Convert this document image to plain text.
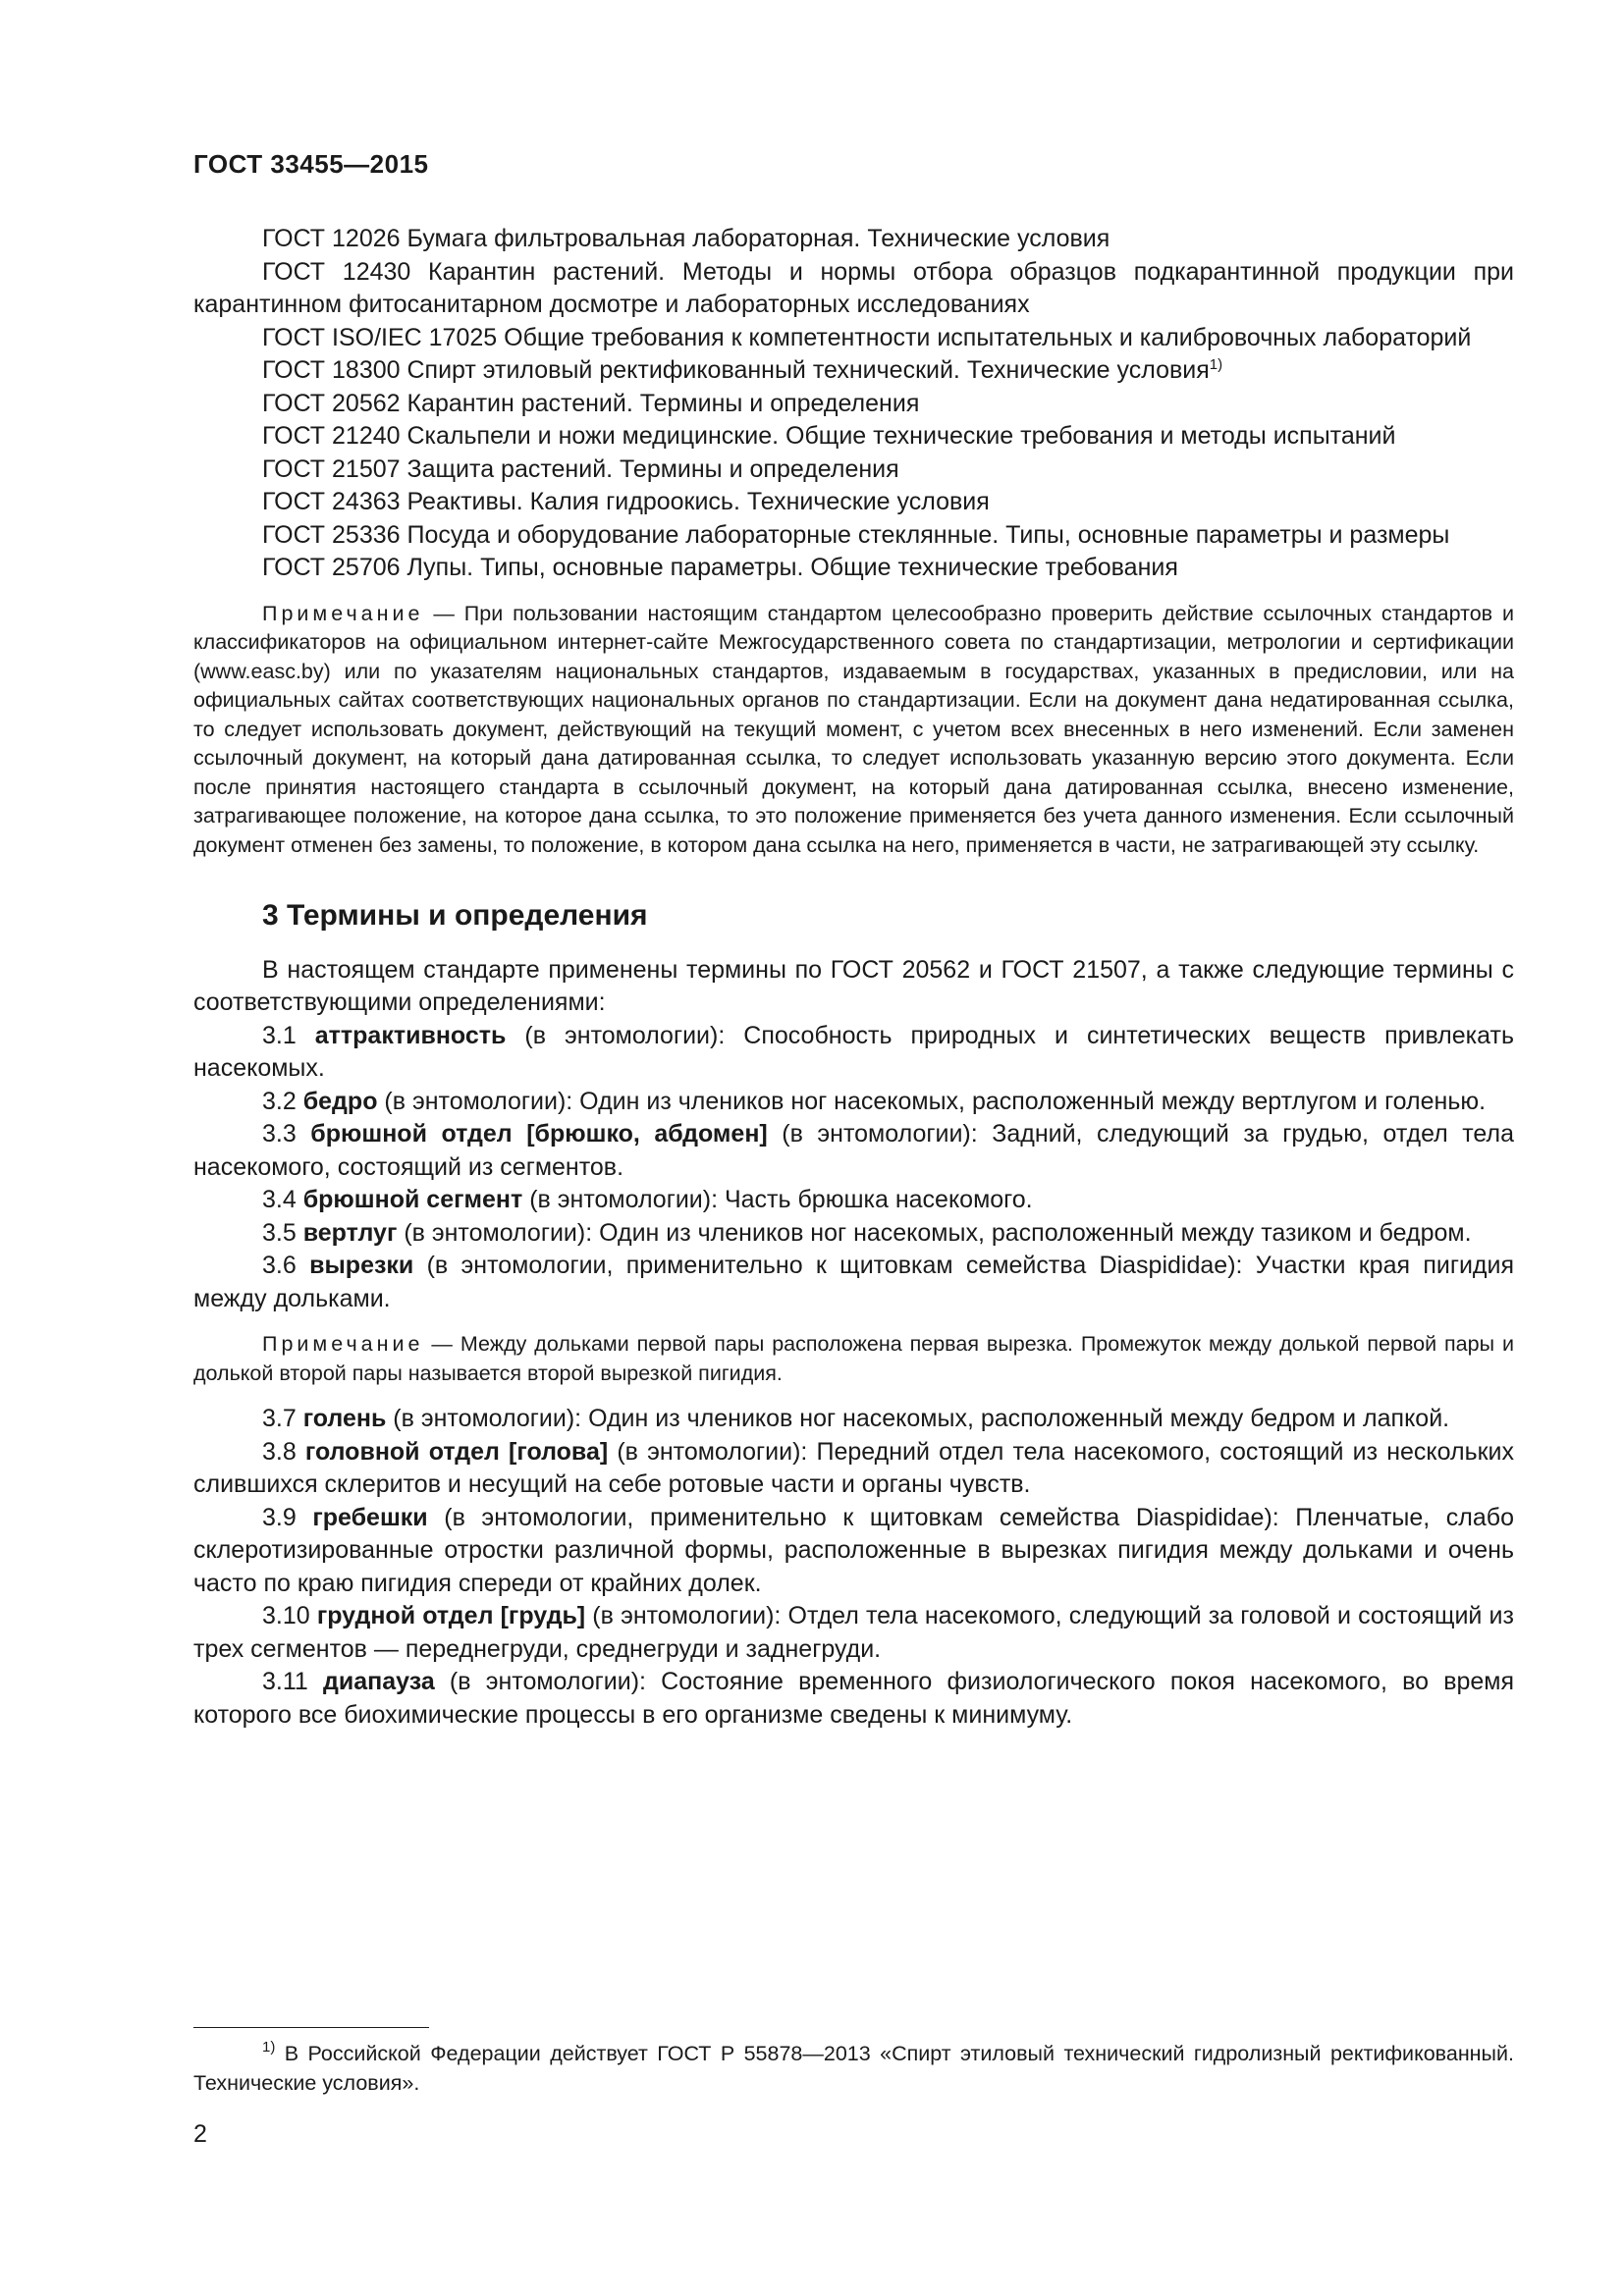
ГОСТ 33455—2015

ГОСТ 12026 Бумага фильтровальная лабораторная. Технические условия

ГОСТ 12430 Карантин растений. Методы и нормы отбора образцов подкарантинной продукции при карантинном фитосанитарном досмотре и лабораторных исследованиях

ГОСТ ISO/IEC 17025 Общие требования к компетентности испытательных и калибровочных лабораторий

ГОСТ 18300 Спирт этиловый ректификованный технический. Технические условия$^{1)}$

ГОСТ 20562 Карантин растений. Термины и определения

ГОСТ 21240 Скальпели и ножи медицинские. Общие технические требования и методы испытаний

ГОСТ 21507 Защита растений. Термины и определения

ГОСТ 24363 Реактивы. Калия гидроокись. Технические условия

ГОСТ 25336 Посуда и оборудование лабораторные стеклянные. Типы, основные параметры и размеры

ГОСТ 25706 Лупы. Типы, основные параметры. Общие технические требования

Примечание — При пользовании настоящим стандартом целесообразно проверить действие ссылочных стандартов и классификаторов на официальном интернет-сайте Межгосударственного совета по стандартизации, метрологии и сертификации (www.easc.by) или по указателям национальных стандартов, издаваемым в государствах, указанных в предисловии, или на официальных сайтах соответствующих национальных органов по стандартизации. Если на документ дана недатированная ссылка, то следует использовать документ, действующий на текущий момент, с учетом всех внесенных в него изменений. Если заменен ссылочный документ, на который дана датированная ссылка, то следует использовать указанную версию этого документа. Если после принятия настоящего стандарта в ссылочный документ, на который дана датированная ссылка, внесено изменение, затрагивающее положение, на которое дана ссылка, то это положение применяется без учета данного изменения. Если ссылочный документ отменен без замены, то положение, в котором дана ссылка на него, применяется в части, не затрагивающей эту ссылку.

3 Термины и определения

В настоящем стандарте применены термины по ГОСТ 20562 и ГОСТ 21507, а также следующие термины с соответствующими определениями:

3.1 аттрактивность (в энтомологии): Способность природных и синтетических веществ привлекать насекомых.

3.2 бедро (в энтомологии): Один из члеников ног насекомых, расположенный между вертлугом и голенью.

3.3 брюшной отдел [брюшко, абдомен] (в энтомологии): Задний, следующий за грудью, отдел тела насекомого, состоящий из сегментов.

3.4 брюшной сегмент (в энтомологии): Часть брюшка насекомого.

3.5 вертлуг (в энтомологии): Один из члеников ног насекомых, расположенный между тазиком и бедром.

3.6 вырезки (в энтомологии, применительно к щитовкам семейства Diaspididae): Участки края пигидия между дольками.

Примечание — Между дольками первой пары расположена первая вырезка. Промежуток между долькой первой пары и долькой второй пары называется второй вырезкой пигидия.

3.7 голень (в энтомологии): Один из члеников ног насекомых, расположенный между бедром и лапкой.

3.8 головной отдел [голова] (в энтомологии): Передний отдел тела насекомого, состоящий из нескольких слившихся склеритов и несущий на себе ротовые части и органы чувств.

3.9 гребешки (в энтомологии, применительно к щитовкам семейства Diaspididae): Пленчатые, слабо склеротизированные отростки различной формы, расположенные в вырезках пигидия между дольками и очень часто по краю пигидия спереди от крайних долек.

3.10 грудной отдел [грудь] (в энтомологии): Отдел тела насекомого, следующий за головой и состоящий из трех сегментов — переднегруди, среднегруди и заднегруди.

3.11 диапауза (в энтомологии): Состояние временного физиологического покоя насекомого, во время которого все биохимические процессы в его организме сведены к минимуму.

$^{1)}$ В Российской Федерации действует ГОСТ Р 55878—2013 «Спирт этиловый технический гидролизный ректификованный. Технические условия».
2
